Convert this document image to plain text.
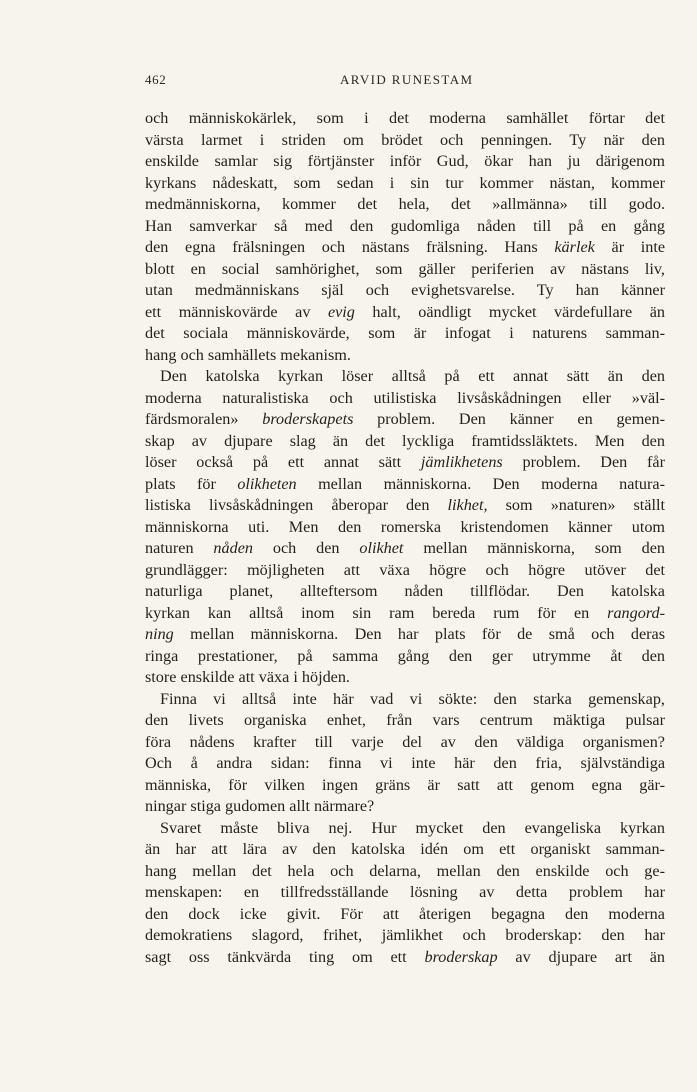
462	ARVID RUNESTAM
och människokärlek, som i det moderna samhället förtar det
värsta larmet i striden om brödet och penningen. Ty när den
enskilde samlar sig förtjänster inför Gud, ökar han ju därigenom
kyrkans nådeskatt, som sedan i sin tur kommer nästan, kommer
medmänniskorna, kommer det hela, det »allmänna» till godo.
Han samverkar så med den gudomliga nåden till på en gång
den egna frälsningen och nästans frälsning. Hans kärlek är inte
blott en social samhörighet, som gäller periferien av nästans liv,
utan medmänniskans själ och evighetsvarelse. Ty han känner
ett människovärde av evig halt, oändligt mycket värdefullare än
det sociala människovärde, som är infogat i naturens samman-
hang och samhällets mekanism.
Den katolska kyrkan löser alltså på ett annat sätt än den
moderna naturalistiska och utilistiska livsåskådningen eller »väl-
färdsmoralen» broderskapets problem. Den känner en gemen-
skap av djupare slag än det lyckliga framtidssläktets. Men den
löser också på ett annat sätt jämlikhetens problem. Den får
plats för olikheten mellan människorna. Den moderna natura-
listiska livsåskådningen åberopar den likhet, som »naturen» ställt
människorna uti. Men den romerska kristendomen känner utom
naturen nåden och den olikhet mellan människorna, som den
grundlägger: möjligheten att växa högre och högre utöver det
naturliga planet, allteftersom nåden tillflödar. Den katolska
kyrkan kan alltså inom sin ram bereda rum för en rangord-
ning mellan människorna. Den har plats för de små och deras
ringa prestationer, på samma gång den ger utrymme åt den
store enskilde att växa i höjden.
Finna vi alltså inte här vad vi sökte: den starka gemenskap,
den livets organiska enhet, från vars centrum mäktiga pulsar
föra nådens krafter till varje del av den väldiga organismen?
Och å andra sidan: finna vi inte här den fria, självständiga
människa, för vilken ingen gräns är satt att genom egna gär-
ningar stiga gudomen allt närmare?
Svaret måste bliva nej. Hur mycket den evangeliska kyrkan
än har att lära av den katolska idén om ett organiskt samman-
hang mellan det hela och delarna, mellan den enskilde och ge-
menskapen: en tillfredsställande lösning av detta problem har
den dock icke givit. För att återigen begagna den moderna
demokratiens slagord, frihet, jämlikhet och broderskap: den har
sagt oss tänkvärda ting om ett broderskap av djupare art än
